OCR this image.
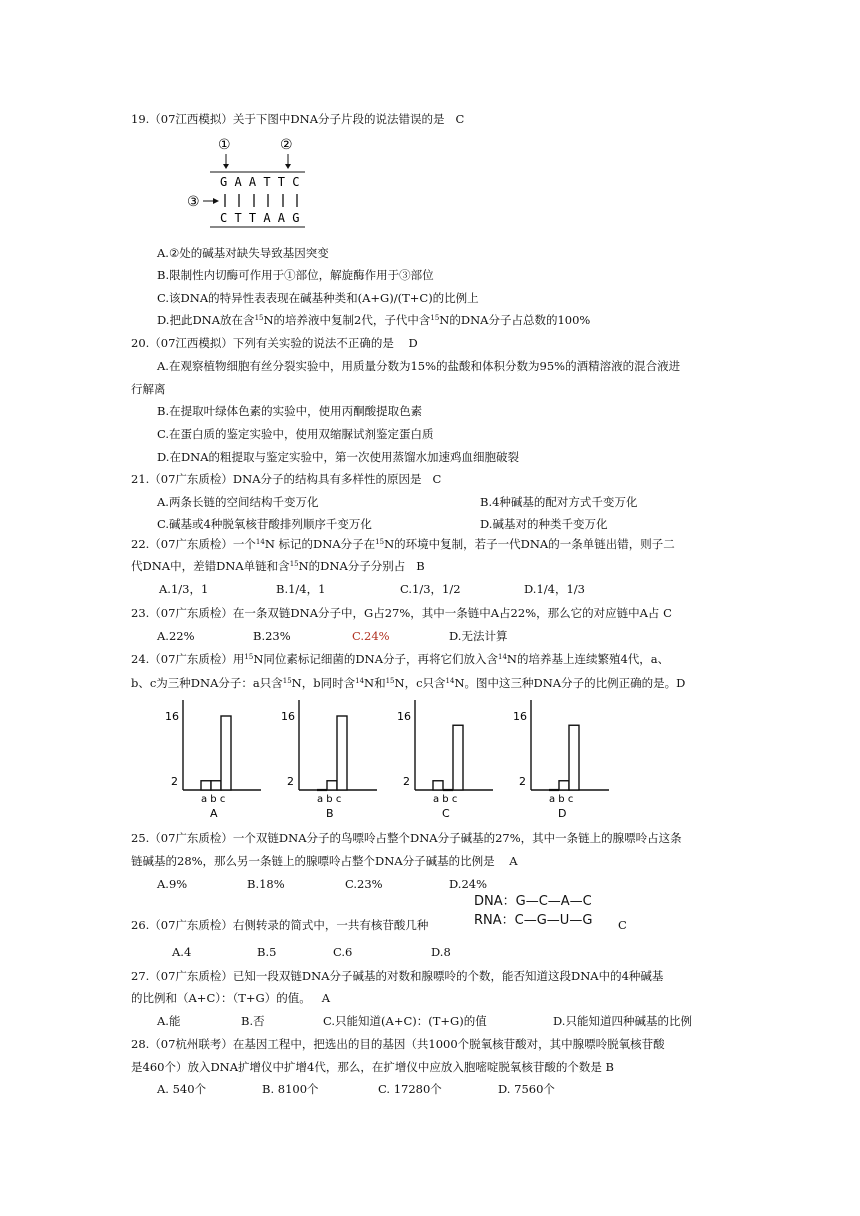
19.（07江西模拟）关于下图中DNA分子片段的说法错误的是 C
①	②
G A A T T C
③
C T T A A G
A.②处的碱基对缺失导致基因突变
B.限制性内切酶可作用于①部位，解旋酶作用于③部位
C.该DNA的特异性表表现在碱基种类和(A+G)/(T+C)的比例上
D.把此DNA放在含$^{15}$N的培养液中复制2代，子代中含$^{15}$N的DNA分子占总数的100%
20.（07江西模拟）下列有关实验的说法不正确的是 D
A.在观察植物细胞有丝分裂实验中，用质量分数为15%的盐酸和体积分数为95%的酒精溶液的混合液进
行解离
B.在提取叶绿体色素的实验中，使用丙酮酸提取色素
C.在蛋白质的鉴定实验中，使用双缩脲试剂鉴定蛋白质
D.在DNA的粗提取与鉴定实验中，第一次使用蒸馏水加速鸡血细胞破裂
21.（07广东质检）DNA分子的结构具有多样性的原因是 C
A.两条长链的空间结构千变万化	B.4种碱基的配对方式千变万化
C.碱基或4种脱氧核苷酸排列顺序千变万化	D.碱基对的种类千变万化
22.（07广东质检）一个$^{14}$N 标记的DNA分子在$^{15}$N的环境中复制，若子一代DNA的一条单链出错，则子二
代DNA中，差错DNA单链和含$^{15}$N的DNA分子分别占 B
A.1/3，1	B.1/4，1	C.1/3，1/2	D.1/4，1/3
23.（07广东质检）在一条双链DNA分子中，G占27%，其中一条链中A占22%，那么它的对应链中A占 C
A.22%	B.23%	C.24%	D.无法计算
24.（07广东质检）用$^{15}$N同位素标记细菌的DNA分子，再将它们放入含$^{14}$N的培养基上连续繁殖4代，a、
b、c为三种DNA分子：a只含$^{15}$N，b同时含$^{14}$N和$^{15}$N，c只含$^{14}$N。图中这三种DNA分子的比例正确的是。D
16
2
a b c
A
16
2
a b c
B
16
2
a b c
C
16
2
a b c
D
25.（07广东质检）一个双链DNA分子的鸟嘌呤占整个DNA分子碱基的27%，其中一条链上的腺嘌呤占这条
链碱基的28%，那么另一条链上的腺嘌呤占整个DNA分子碱基的比例是 A
A.9%	B.18%	C.23%	D.24%
DNA：G—C—A—C
RNA：C—G—U—G
26.（07广东质检）右侧转录的简式中，一共有核苷酸几种	C
A.4	B.5	C.6	D.8
27.（07广东质检）已知一段双链DNA分子碱基的对数和腺嘌呤的个数，能否知道这段DNA中的4种碱基
的比例和（A+C）：（T+G）的值。 A
A.能	B.否	C.只能知道(A+C)：(T+G)的值	D.只能知道四种碱基的比例
28.（07杭州联考）在基因工程中，把选出的目的基因（共1000个脱氧核苷酸对，其中腺嘌呤脱氧核苷酸
是460个）放入DNA扩增仪中扩增4代，那么，在扩增仪中应放入胞嘧啶脱氧核苷酸的个数是 B
A. 540个	B. 8100个	C. 17280个	D. 7560个
